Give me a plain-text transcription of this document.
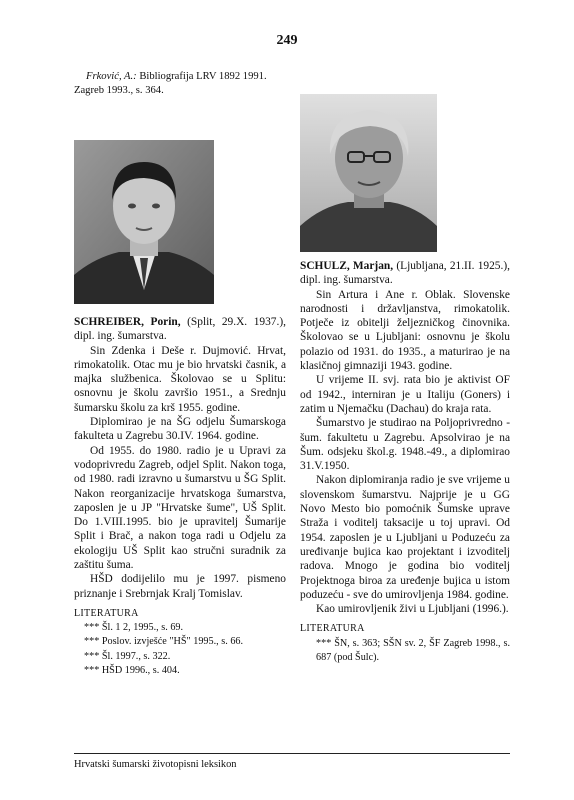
249
Frković, A.: Bibliografija LRV 1892 1991. Zagreb 1993., s. 364.

SCHREIBER, Porin, (Split, 29.X. 1937.), dipl. ing. šumarstva.

Sin Zdenka i Deše r. Dujmović. Hrvat, rimokatolik. Otac mu je bio hrvatski časnik, a majka službenica. Školovao se u Splitu: osnovnu je školu završio 1951., a Srednju šumarsku školu za krš 1955. godine.

Diplomirao je na ŠG odjelu Šumarskoga fakulteta u Zagrebu 30.IV. 1964. godine.

Od 1955. do 1980. radio je u Upravi za vodoprivredu Zagreb, odjel Split. Nakon toga, od 1980. radi izravno u šumarstvu u ŠG Split. Nakon reorganizacije hrvatskoga šumarstva, zaposlen je u JP "Hrvatske šume", UŠ Split. Do 1.VIII.1995. bio je upravitelj Šumarije Split i Brač, a nakon toga radi u Odjelu za ekologiju UŠ Split kao stručni suradnik za zaštitu šuma.

HŠD dodijelilo mu je 1997. pismeno priznanje i Srebrnjak Kralj Tomislav.

LITERATURA
*** Šl. 1 2, 1995., s. 69.
*** Poslov. izvješće "HŠ" 1995., s. 66.
*** Šl. 1997., s. 322.
*** HŠD 1996., s. 404.

SCHULZ, Marjan, (Ljubljana, 21.II. 1925.), dipl. ing. šumarstva.

Sin Artura i Ane r. Oblak. Slovenske narodnosti i državljanstva, rimokatolik. Potječe iz obitelji željezničkog činovnika. Školovao se u Ljubljani: osnovnu je školu polazio od 1931. do 1935., a maturirao je na klasičnoj gimnaziji 1943. godine.

U vrijeme II. svj. rata bio je aktivist OF od 1942., interniran je u Italiju (Goners) i zatim u Njemačku (Dachau) do kraja rata.

Šumarstvo je studirao na Poljoprivredno - šum. fakultetu u Zagrebu. Apsolvirao je na Šum. odsjeku škol.g. 1948.-49., a diplomirao 31.V.1950.

Nakon diplomiranja radio je sve vrijeme u slovenskom šumarstvu. Najprije je u GG Novo Mesto bio pomoćnik Šumske uprave Straža i voditelj taksacije u toj upravi. Od 1954. zaposlen je u Ljubljani u Poduzeću za uređivanje bujica kao projektant i izvoditelj radova. Mnogo je godina bio voditelj Projektnoga biroa za uređenje bujica u istom poduzeću - sve do umirovljenja 1984. godine.

Kao umirovljenik živi u Ljubljani (1996.).

LITERATURA
*** ŠN, s. 363; SŠN sv. 2, ŠF Zagreb 1998., s. 687 (pod Šulc).
Hrvatski šumarski životopisni leksikon
